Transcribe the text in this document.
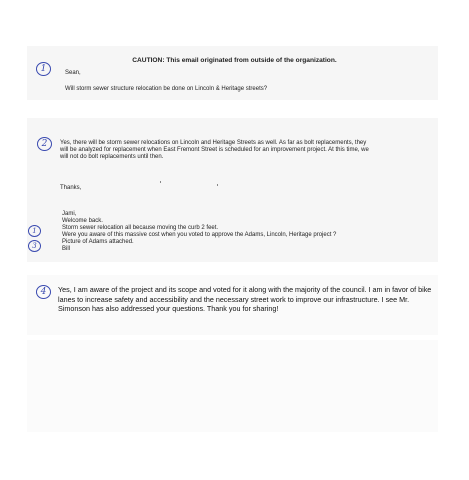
CAUTION: This email originated from outside of the organization.
1
2
1
3
4
Sean,
Will storm sewer structure relocation be done on Lincoln & Heritage streets?
Yes, there will be storm sewer relocations on Lincoln and Heritage Streets as well. As far as bolt replacements, they
will be analyzed for replacement when East Fremont Street is scheduled for an improvement project. At this time, we
will not do bolt replacements until then.
Thanks,
Jami,
Welcome back.
Storm sewer relocation all because moving the curb 2 feet.
Were you aware of this massive cost when you voted to approve the Adams, Lincoln, Heritage project ?
Picture of Adams attached.
Bill
Yes, I am aware of the project and its scope and voted for it along with the majority of the council. I am in favor of bike lanes to increase safety and accessibility and the necessary street work to improve our infrastructure. I see Mr. Simonson has also addressed your questions. Thank you for sharing!
